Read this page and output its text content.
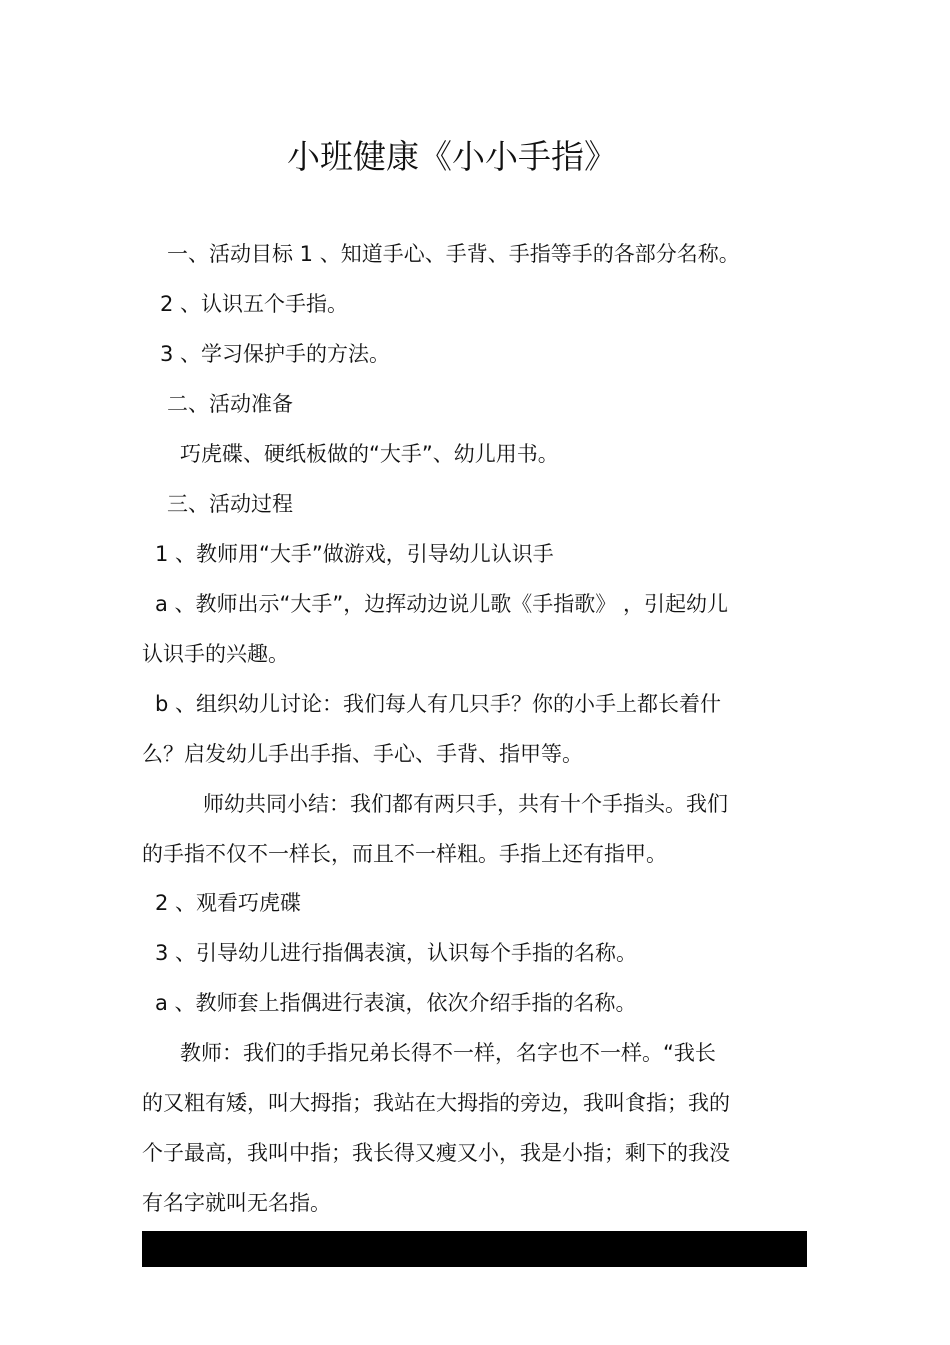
小班健康《小小手指》
一、活动目标 1 、知道手心、手背、手指等手的各部分名称。
2 、认识五个手指。
3 、学习保护手的方法。
二、活动准备
巧虎碟、硬纸板做的“大手”、幼儿用书。
三、活动过程
1 、教师用“大手”做游戏，引导幼儿认识手
a 、教师出示“大手”，边挥动边说儿歌《手指歌》 ，引起幼儿
认识手的兴趣。
b 、组织幼儿讨论：我们每人有几只手？你的小手上都长着什
么？启发幼儿手出手指、手心、手背、指甲等。
师幼共同小结：我们都有两只手，共有十个手指头。我们
的手指不仅不一样长，而且不一样粗。手指上还有指甲。
2 、观看巧虎碟
3 、引导幼儿进行指偶表演，认识每个手指的名称。
a 、教师套上指偶进行表演，依次介绍手指的名称。
教师：我们的手指兄弟长得不一样，名字也不一样。“我长
的又粗有矮，叫大拇指；我站在大拇指的旁边，我叫食指；我的
个子最高，我叫中指；我长得又瘦又小，我是小指；剩下的我没
有名字就叫无名指。
